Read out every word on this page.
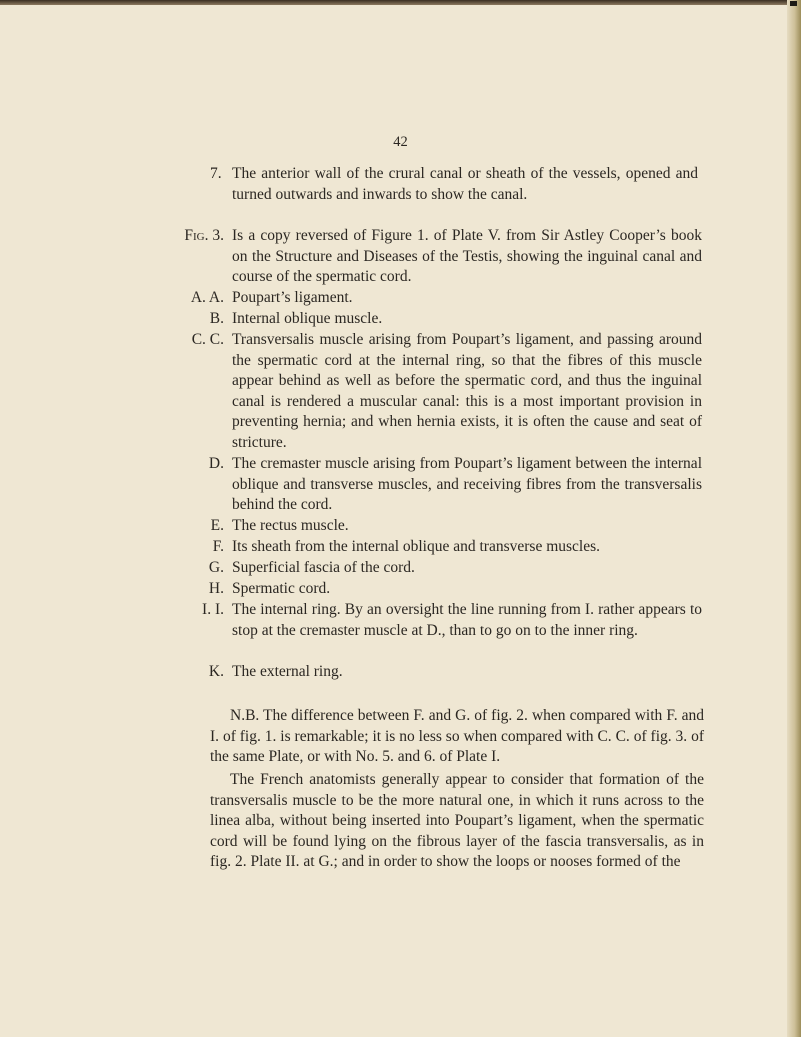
42
7. The anterior wall of the crural canal or sheath of the vessels, opened and turned outwards and inwards to show the canal.
Fig. 3. Is a copy reversed of Figure 1. of Plate V. from Sir Astley Cooper’s book on the Structure and Diseases of the Testis, showing the inguinal canal and course of the spermatic cord.
A. A. Poupart’s ligament.
B. Internal oblique muscle.
C. C. Transversalis muscle arising from Poupart’s ligament, and passing around the spermatic cord at the internal ring, so that the fibres of this muscle appear behind as well as before the spermatic cord, and thus the inguinal canal is rendered a muscular canal: this is a most important provision in preventing hernia; and when hernia exists, it is often the cause and seat of stricture.
D. The cremaster muscle arising from Poupart’s ligament between the internal oblique and transverse muscles, and receiving fibres from the transversalis behind the cord.
E. The rectus muscle.
F. Its sheath from the internal oblique and transverse muscles.
G. Superficial fascia of the cord.
H. Spermatic cord.
I. I. The internal ring. By an oversight the line running from I. rather appears to stop at the cremaster muscle at D., than to go on to the inner ring.
K. The external ring.
N.B. The difference between F. and G. of fig. 2. when compared with F. and I. of fig. 1. is remarkable; it is no less so when compared with C. C. of fig. 3. of the same Plate, or with No. 5. and 6. of Plate I.
The French anatomists generally appear to consider that formation of the transversalis muscle to be the more natural one, in which it runs across to the linea alba, without being inserted into Poupart’s ligament, when the spermatic cord will be found lying on the fibrous layer of the fascia transversalis, as in fig. 2. Plate II. at G.; and in order to show the loops or nooses formed of the
